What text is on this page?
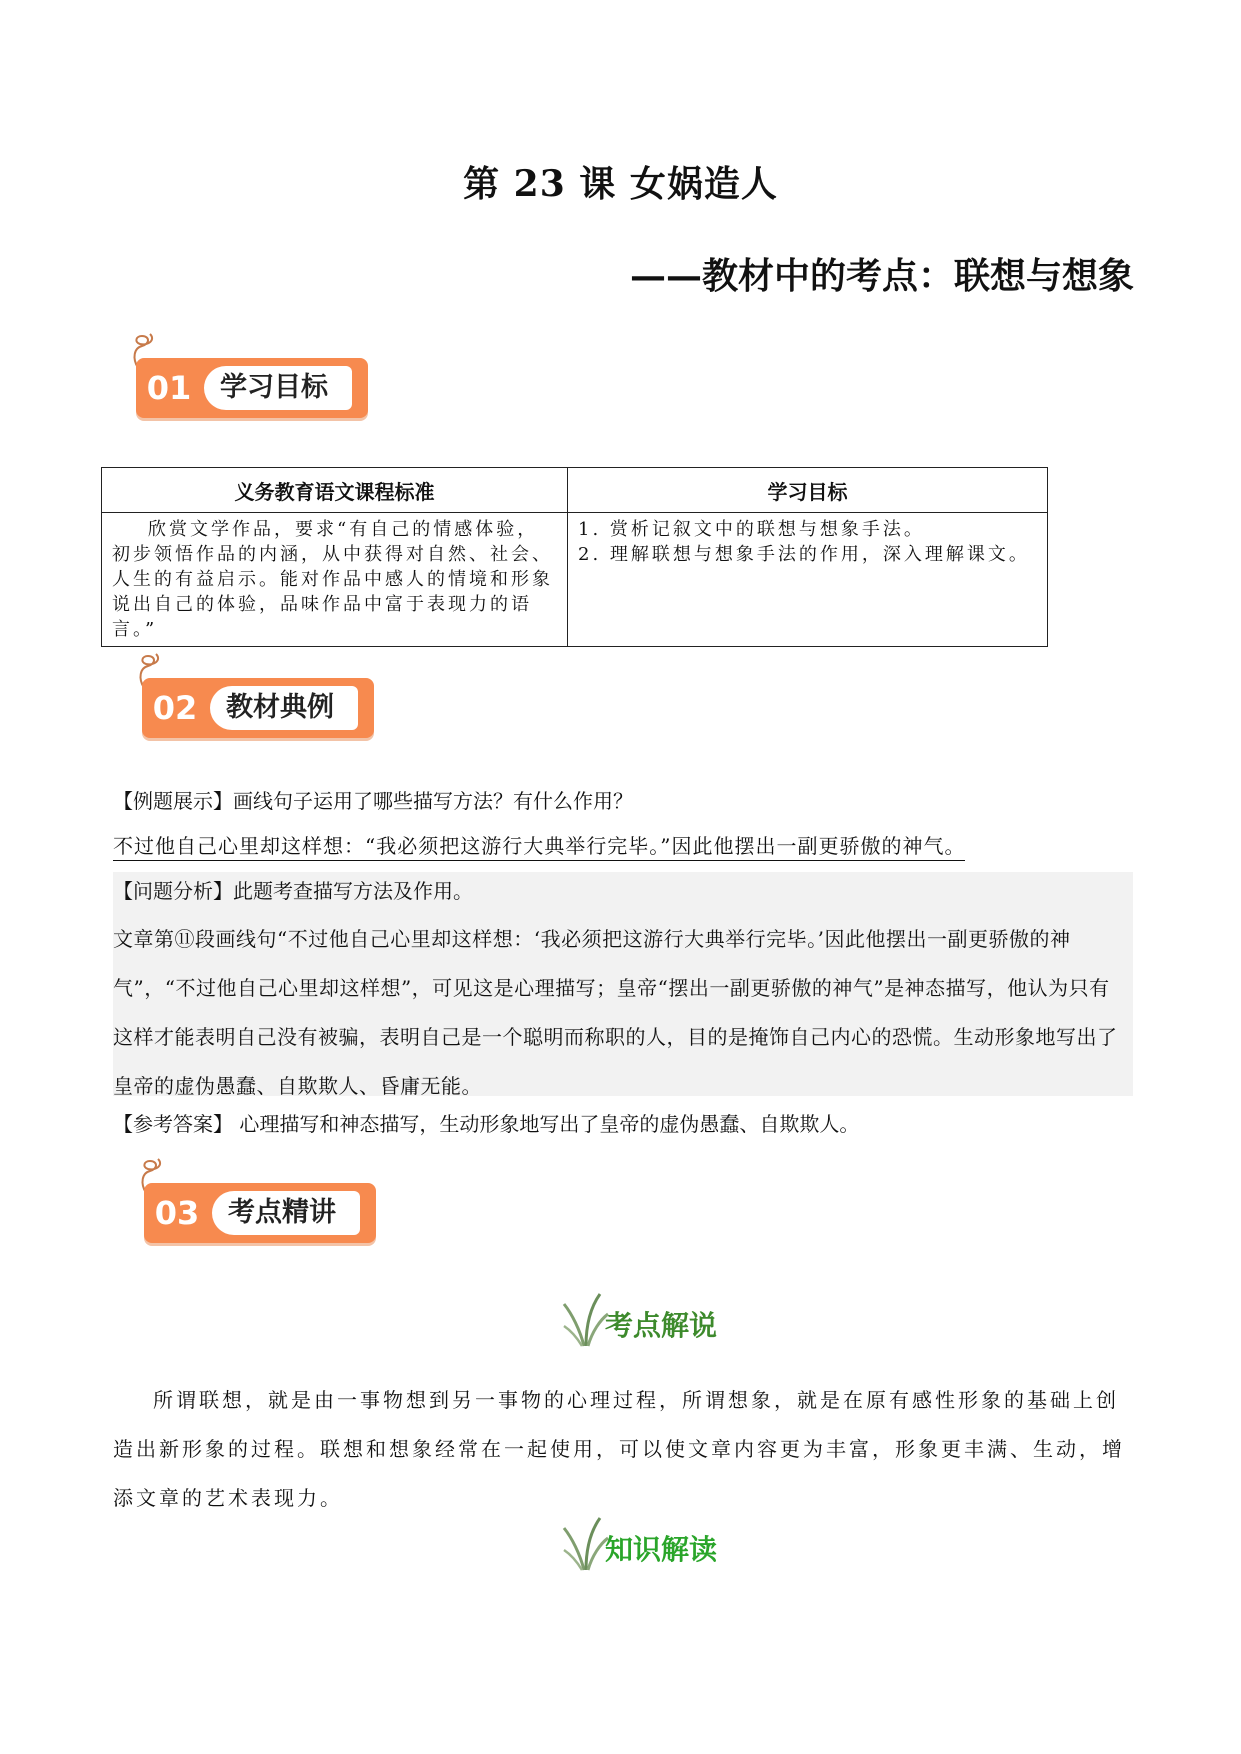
第 23 课 女娲造人
——教材中的考点：联想与想象
01	学习目标
义务教育语文课程标准	学习目标
欣赏文学作品，要求“有自己的情感体验，初步领悟作品的内涵，从中获得对自然、社会、人生的有益启示。能对作品中感人的情境和形象说出自己的体验，品味作品中富于表现力的语言。”	1. 赏析记叙文中的联想与想象手法。
2. 理解联想与想象手法的作用，深入理解课文。
02	教材典例
【例题展示】画线句子运用了哪些描写方法？有什么作用？
不过他自己心里却这样想：“我必须把这游行大典举行完毕。”因此他摆出一副更骄傲的神气。
【问题分析】此题考查描写方法及作用。
文章第⑪段画线句“不过他自己心里却这样想：‘我必须把这游行大典举行完毕。’因此他摆出一副更骄傲的神气”，“不过他自己心里却这样想”，可见这是心理描写；皇帝“摆出一副更骄傲的神气”是神态描写，他认为只有这样才能表明自己没有被骗，表明自己是一个聪明而称职的人，目的是掩饰自己内心的恐慌。生动形象地写出了皇帝的虚伪愚蠢、自欺欺人、昏庸无能。
【参考答案】 心理描写和神态描写，生动形象地写出了皇帝的虚伪愚蠢、自欺欺人。
03	考点精讲
考点解说
所谓联想，就是由一事物想到另一事物的心理过程，所谓想象，就是在原有感性形象的基础上创造出新形象的过程。联想和想象经常在一起使用，可以使文章内容更为丰富，形象更丰满、生动，增添文章的艺术表现力。
知识解读
